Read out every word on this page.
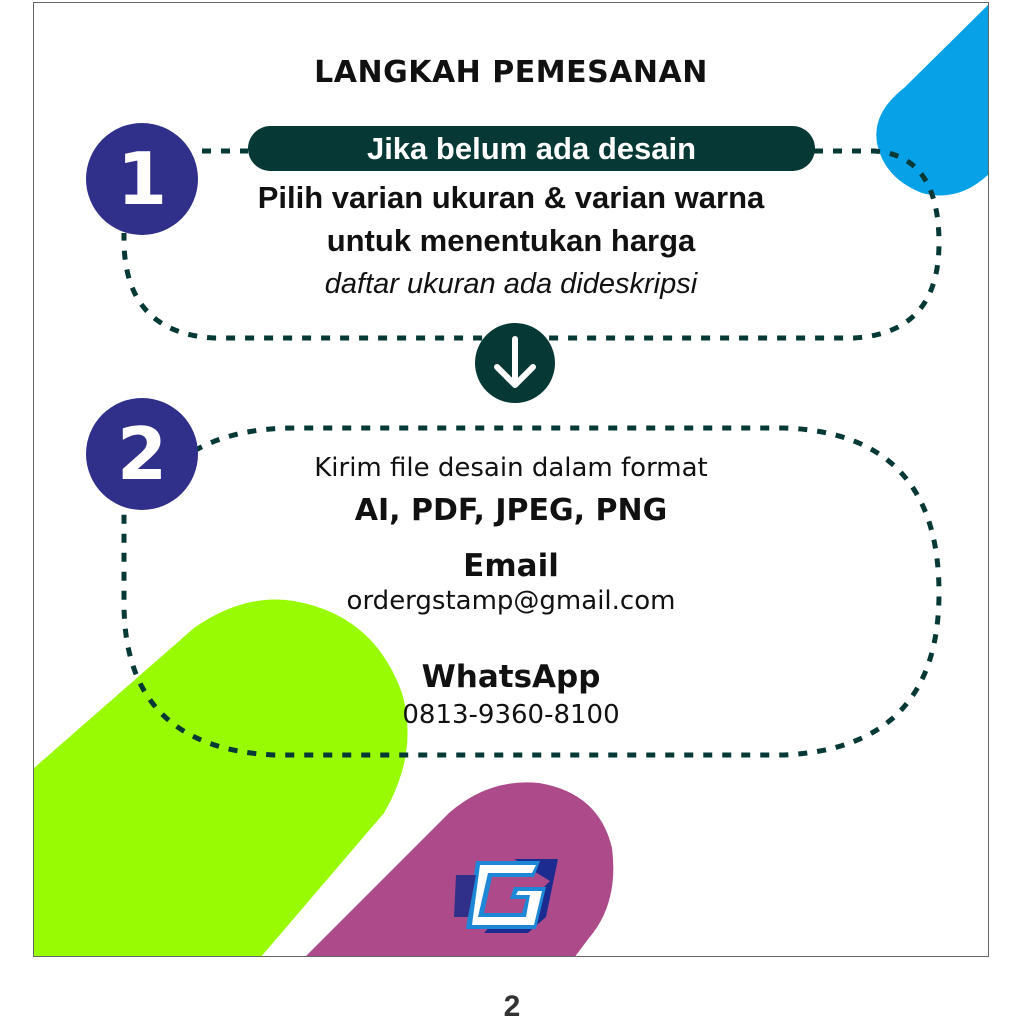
LANGKAH PEMESANAN
1	Jika belum ada desain
Pilih varian ukuran & varian warna
untuk menentukan harga
daftar ukuran ada dideskripsi
2	Kirim file desain dalam format
AI, PDF, JPEG, PNG
Email
ordergstamp@gmail.com
WhatsApp
0813-9360-8100
2
